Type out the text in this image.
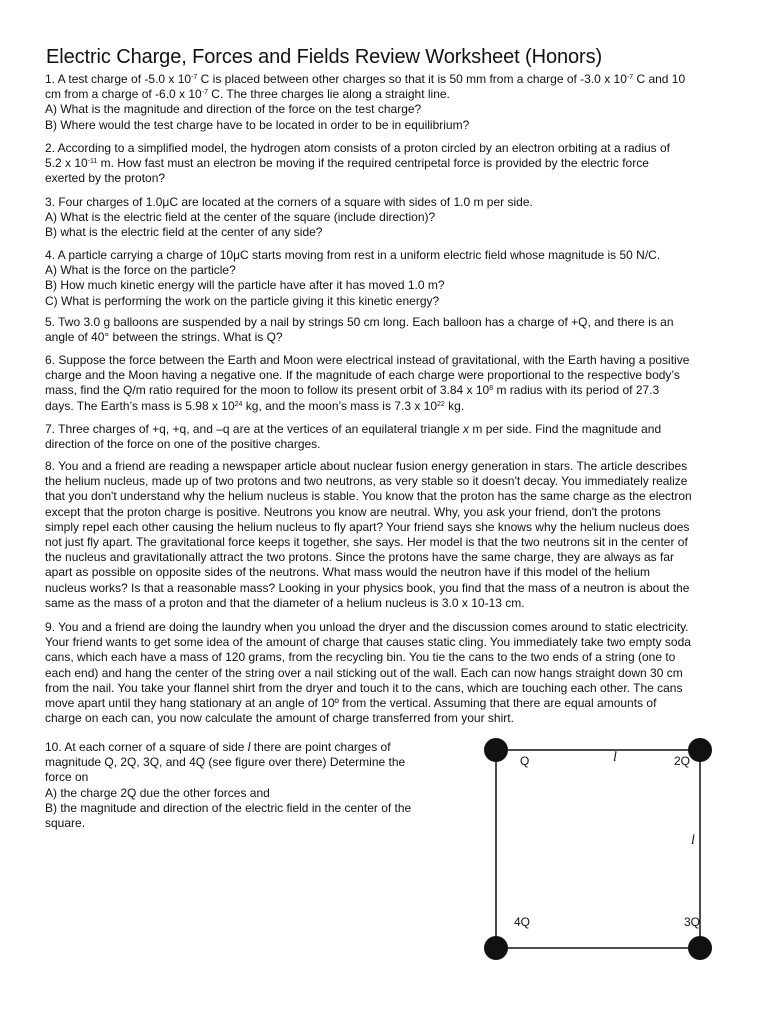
Electric Charge, Forces and Fields Review Worksheet (Honors)

1. A test charge of -5.0 x $10^{-7}$ C is placed between other charges so that it is 50 mm from a charge of -3.0 x $10^{-7}$ C and 10

cm from a charge of -6.0 x $10^{-7}$ C. The three charges lie along a straight line.

A) What is the magnitude and direction of the force on the test charge?

B) Where would the test charge have to be located in order to be in equilibrium?

2. According to a simplified model, the hydrogen atom consists of a proton circled by an electron orbiting at a radius of

5.2 x $10^{-11}$ m. How fast must an electron be moving if the required centripetal force is provided by the electric force

exerted by the proton?

3. Four charges of 1.0μC are located at the corners of a square with sides of 1.0 m per side.

A) What is the electric field at the center of the square (include direction)?

B) what is the electric field at the center of any side?

4. A particle carrying a charge of 10μC starts moving from rest in a uniform electric field whose magnitude is 50 N/C.

A) What is the force on the particle?

B) How much kinetic energy will the particle have after it has moved 1.0 m?

C) What is performing the work on the particle giving it this kinetic energy?

5. Two 3.0 g balloons are suspended by a nail by strings 50 cm long. Each balloon has a charge of +Q, and there is an

angle of 40° between the strings. What is Q?

6. Suppose the force between the Earth and Moon were electrical instead of gravitational, with the Earth having a positive

charge and the Moon having a negative one. If the magnitude of each charge were proportional to the respective body’s

mass, find the Q/m ratio required for the moon to follow its present orbit of 3.84 x $10^8$ m radius with its period of 27.3

days. The Earth’s mass is 5.98 x $10^{24}$ kg, and the moon’s mass is 7.3 x $10^{22}$ kg.

7. Three charges of +q, +q, and –q are at the vertices of an equilateral triangle x m per side. Find the magnitude and

direction of the force on one of the positive charges.

8. You and a friend are reading a newspaper article about nuclear fusion energy generation in stars. The article describes

the helium nucleus, made up of two protons and two neutrons, as very stable so it doesn't decay. You immediately realize

that you don't understand why the helium nucleus is stable. You know that the proton has the same charge as the electron

except that the proton charge is positive. Neutrons you know are neutral. Why, you ask your friend, don't the protons

simply repel each other causing the helium nucleus to fly apart? Your friend says she knows why the helium nucleus does

not just fly apart. The gravitational force keeps it together, she says. Her model is that the two neutrons sit in the center of

the nucleus and gravitationally attract the two protons. Since the protons have the same charge, they are always as far

apart as possible on opposite sides of the neutrons. What mass would the neutron have if this model of the helium

nucleus works? Is that a reasonable mass? Looking in your physics book, you find that the mass of a neutron is about the

same as the mass of a proton and that the diameter of a helium nucleus is 3.0 x 10-13 cm.

9. You and a friend are doing the laundry when you unload the dryer and the discussion comes around to static electricity.

Your friend wants to get some idea of the amount of charge that causes static cling. You immediately take two empty soda

cans, which each have a mass of 120 grams, from the recycling bin. You tie the cans to the two ends of a string (one to

each end) and hang the center of the string over a nail sticking out of the wall. Each can now hangs straight down 30 cm

from the nail. You take your flannel shirt from the dryer and touch it to the cans, which are touching each other. The cans

move apart until they hang stationary at an angle of 10º from the vertical. Assuming that there are equal amounts of

charge on each can, you now calculate the amount of charge transferred from your shirt.

10. At each corner of a square of side l there are point charges of

magnitude Q, 2Q, 3Q, and 4Q (see figure over there) Determine the

force on

A) the charge 2Q due the other forces and

B) the magnitude and direction of the electric field in the center of the

square.

Q	2Q
4Q	3Q
l
l
